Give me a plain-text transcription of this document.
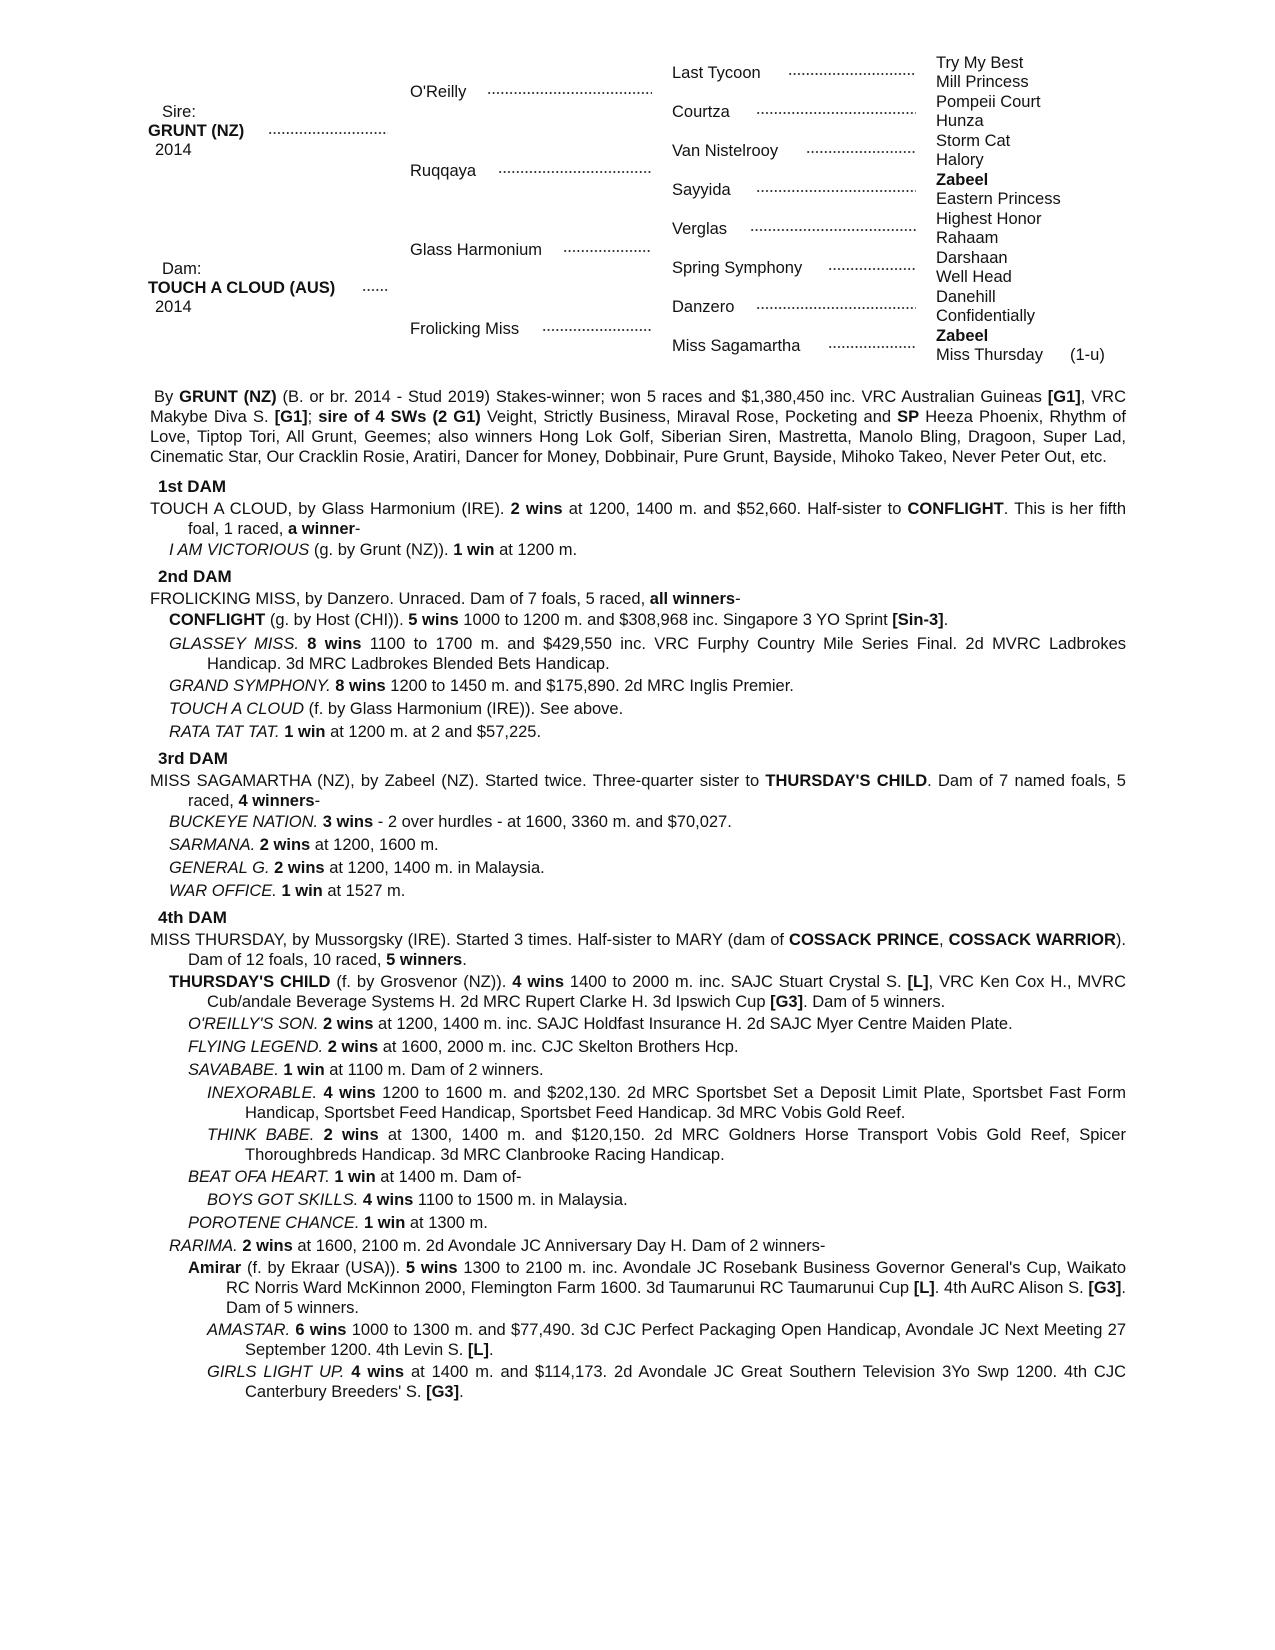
Sire:
GRUNT (NZ)
2014
Dam:
TOUCH A CLOUD (AUS)
2014
O'Reilly
Ruqqaya
Glass Harmonium
Frolicking Miss
Last Tycoon
Courtza
Van Nistelrooy
Sayyida
Verglas
Spring Symphony
Danzero
Miss Sagamartha
Try My Best
Mill Princess
Pompeii Court
Hunza
Storm Cat
Halory
Zabeel
Eastern Princess
Highest Honor
Rahaam
Darshaan
Well Head
Danehill
Confidentially
Zabeel
Miss Thursday (1-u)

By GRUNT (NZ) (B. or br. 2014 - Stud 2019) Stakes-winner; won 5 races and $1,380,450 inc. VRC Australian Guineas [G1], VRC Makybe Diva S. [G1]; sire of 4 SWs (2 G1) Veight, Strictly Business, Miraval Rose, Pocketing and SP Heeza Phoenix, Rhythm of Love, Tiptop Tori, All Grunt, Geemes; also winners Hong Lok Golf, Siberian Siren, Mastretta, Manolo Bling, Dragoon, Super Lad, Cinematic Star, Our Cracklin Rosie, Aratiri, Dancer for Money, Dobbinair, Pure Grunt, Bayside, Mihoko Takeo, Never Peter Out, etc.

1st DAM
TOUCH A CLOUD, by Glass Harmonium (IRE). 2 wins at 1200, 1400 m. and $52,660. Half-sister to CONFLIGHT. This is her fifth foal, 1 raced, a winner-
I AM VICTORIOUS (g. by Grunt (NZ)). 1 win at 1200 m.
2nd DAM
FROLICKING MISS, by Danzero. Unraced. Dam of 7 foals, 5 raced, all winners-
CONFLIGHT (g. by Host (CHI)). 5 wins 1000 to 1200 m. and $308,968 inc. Singapore 3 YO Sprint [Sin-3].
GLASSEY MISS. 8 wins 1100 to 1700 m. and $429,550 inc. VRC Furphy Country Mile Series Final. 2d MVRC Ladbrokes Handicap. 3d MRC Ladbrokes Blended Bets Handicap.
GRAND SYMPHONY. 8 wins 1200 to 1450 m. and $175,890. 2d MRC Inglis Premier.
TOUCH A CLOUD (f. by Glass Harmonium (IRE)). See above.
RATA TAT TAT. 1 win at 1200 m. at 2 and $57,225.
3rd DAM
MISS SAGAMARTHA (NZ), by Zabeel (NZ). Started twice. Three-quarter sister to THURSDAY'S CHILD. Dam of 7 named foals, 5 raced, 4 winners-
BUCKEYE NATION. 3 wins - 2 over hurdles - at 1600, 3360 m. and $70,027.
SARMANA. 2 wins at 1200, 1600 m.
GENERAL G. 2 wins at 1200, 1400 m. in Malaysia.
WAR OFFICE. 1 win at 1527 m.
4th DAM
MISS THURSDAY, by Mussorgsky (IRE). Started 3 times. Half-sister to MARY (dam of COSSACK PRINCE, COSSACK WARRIOR). Dam of 12 foals, 10 raced, 5 winners.
THURSDAY'S CHILD (f. by Grosvenor (NZ)). 4 wins 1400 to 2000 m. inc. SAJC Stuart Crystal S. [L], VRC Ken Cox H., MVRC Cub/andale Beverage Systems H. 2d MRC Rupert Clarke H. 3d Ipswich Cup [G3]. Dam of 5 winners.
O'REILLY'S SON. 2 wins at 1200, 1400 m. inc. SAJC Holdfast Insurance H. 2d SAJC Myer Centre Maiden Plate.
FLYING LEGEND. 2 wins at 1600, 2000 m. inc. CJC Skelton Brothers Hcp.
SAVABABE. 1 win at 1100 m. Dam of 2 winners.
INEXORABLE. 4 wins 1200 to 1600 m. and $202,130. 2d MRC Sportsbet Set a Deposit Limit Plate, Sportsbet Fast Form Handicap, Sportsbet Feed Handicap, Sportsbet Feed Handicap. 3d MRC Vobis Gold Reef.
THINK BABE. 2 wins at 1300, 1400 m. and $120,150. 2d MRC Goldners Horse Transport Vobis Gold Reef, Spicer Thoroughbreds Handicap. 3d MRC Clanbrooke Racing Handicap.
BEAT OFA HEART. 1 win at 1400 m. Dam of-
BOYS GOT SKILLS. 4 wins 1100 to 1500 m. in Malaysia.
POROTENE CHANCE. 1 win at 1300 m.
RARIMA. 2 wins at 1600, 2100 m. 2d Avondale JC Anniversary Day H. Dam of 2 winners-
Amirar (f. by Ekraar (USA)). 5 wins 1300 to 2100 m. inc. Avondale JC Rosebank Business Governor General's Cup, Waikato RC Norris Ward McKinnon 2000, Flemington Farm 1600. 3d Taumarunui RC Taumarunui Cup [L]. 4th AuRC Alison S. [G3]. Dam of 5 winners.
AMASTAR. 6 wins 1000 to 1300 m. and $77,490. 3d CJC Perfect Packaging Open Handicap, Avondale JC Next Meeting 27 September 1200. 4th Levin S. [L].
GIRLS LIGHT UP. 4 wins at 1400 m. and $114,173. 2d Avondale JC Great Southern Television 3Yo Swp 1200. 4th CJC Canterbury Breeders' S. [G3].
